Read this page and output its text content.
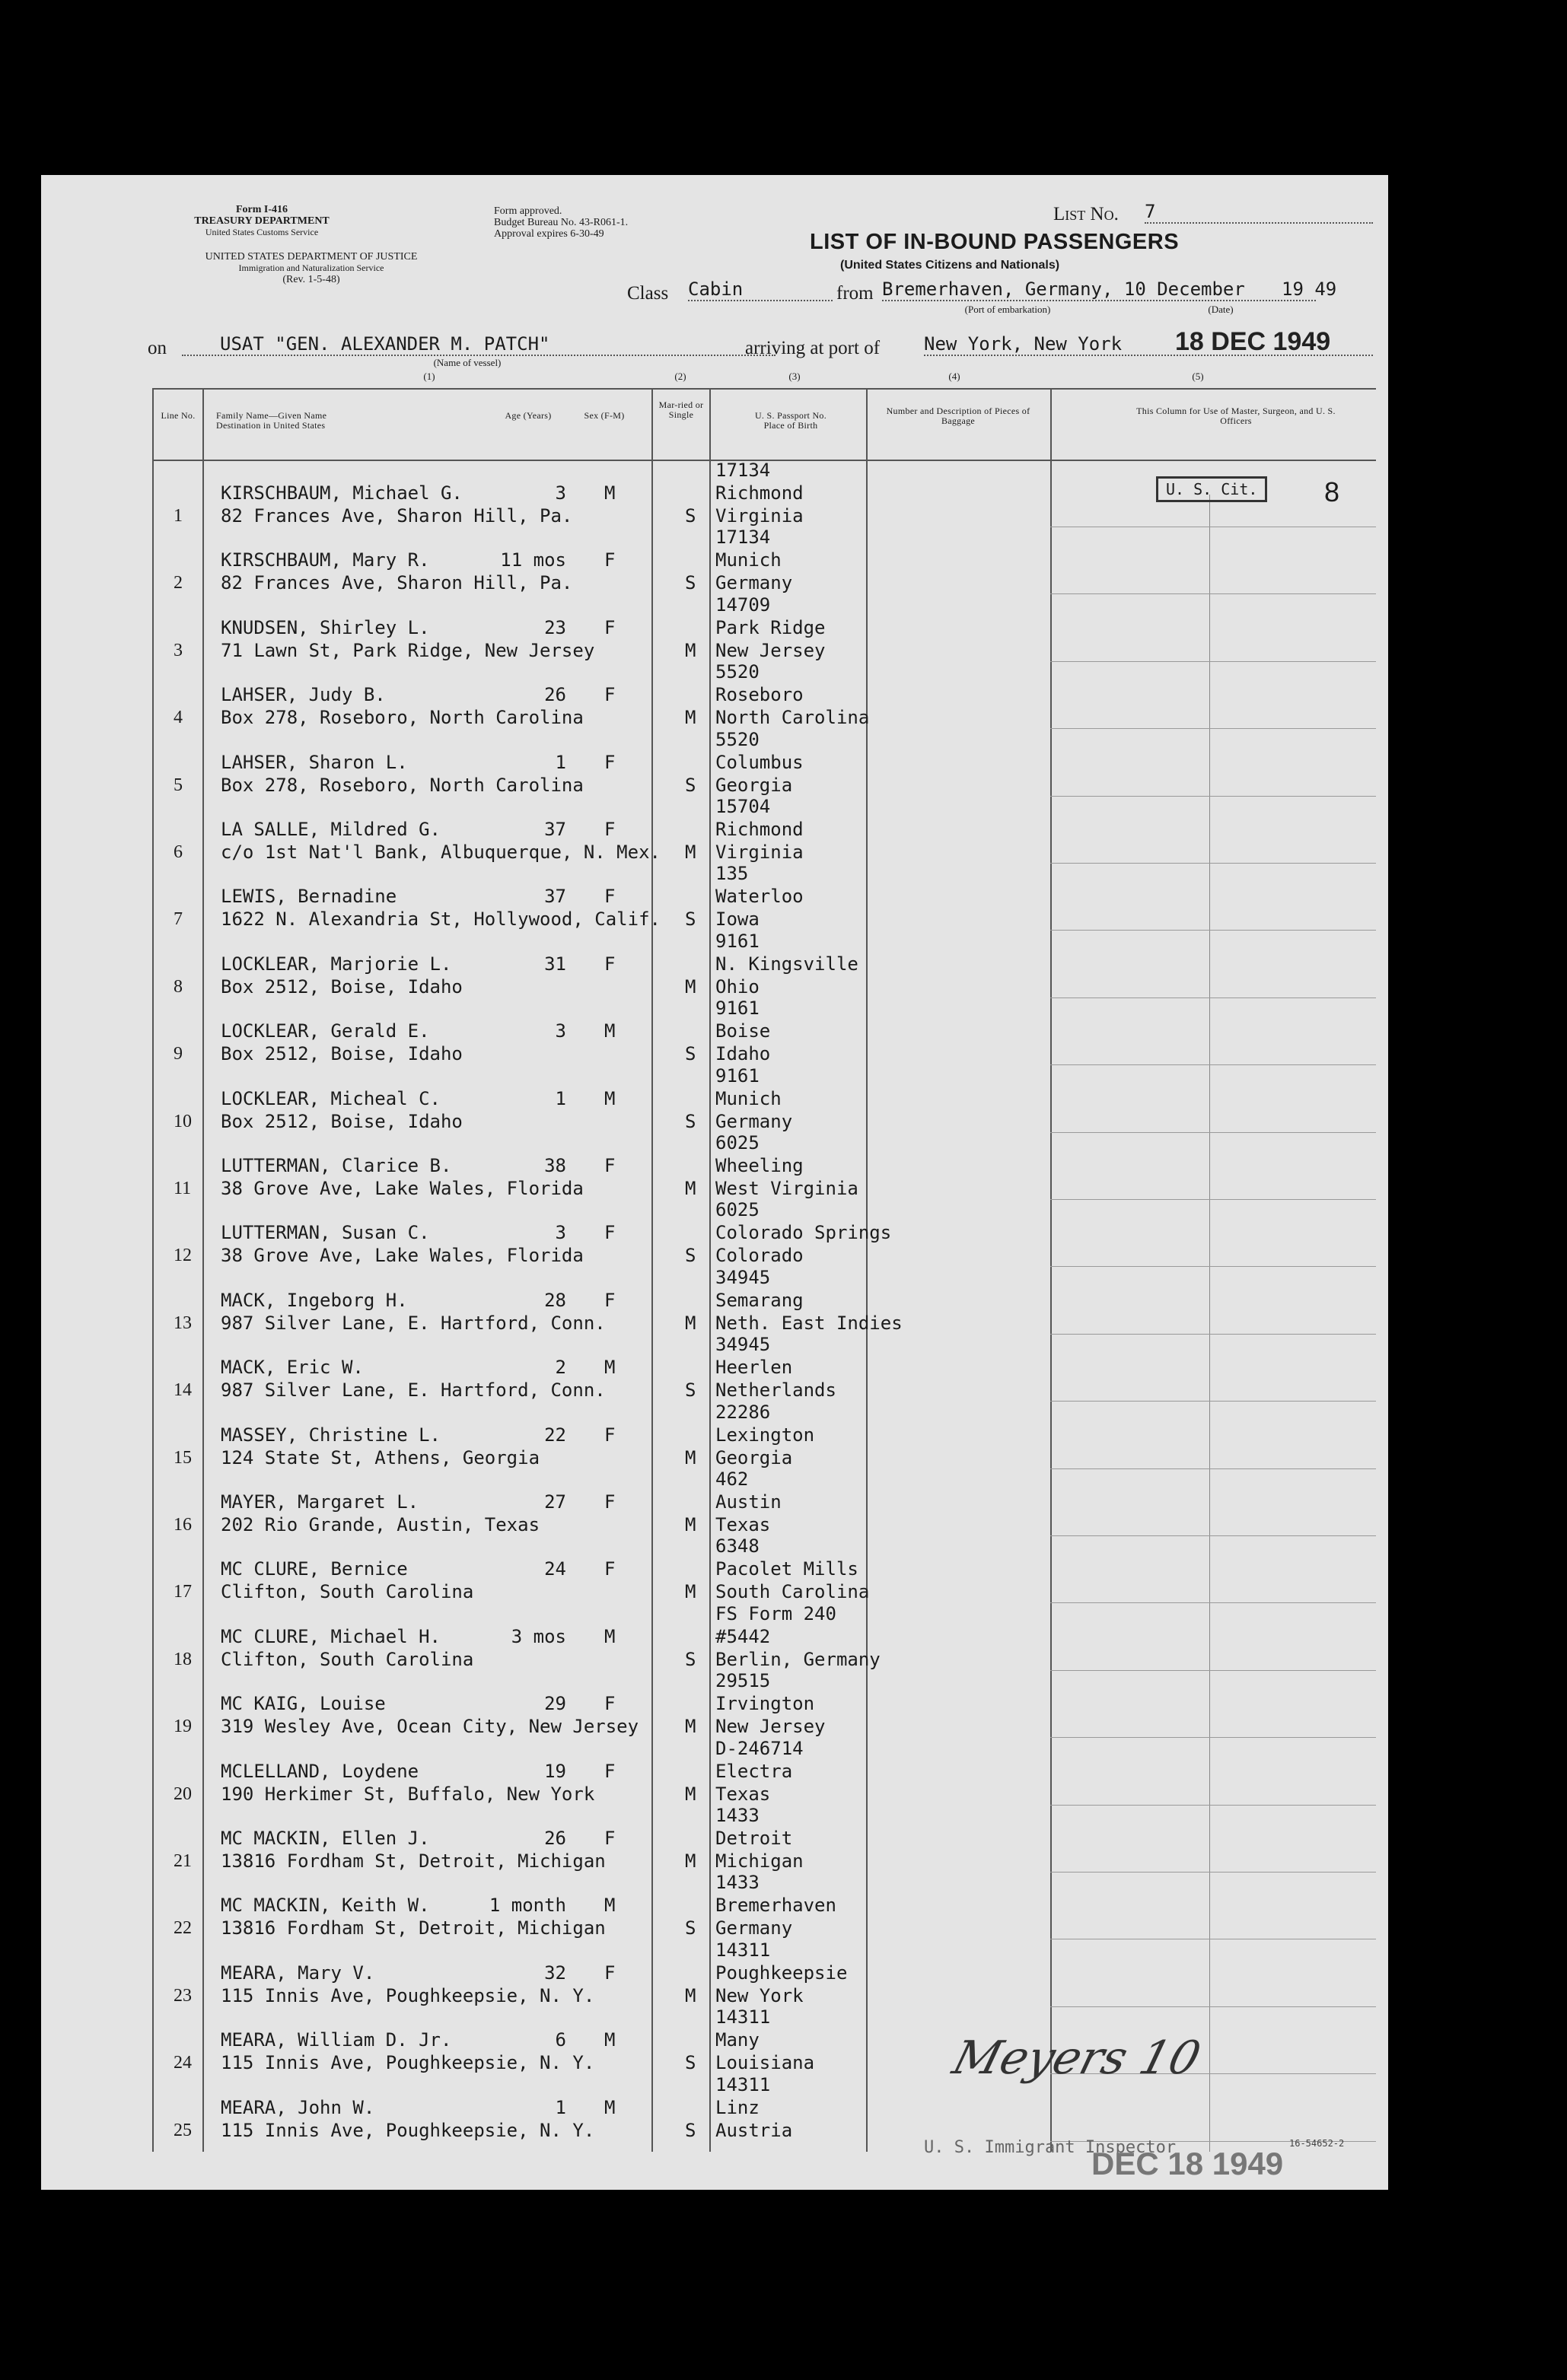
Form I-416
TREASURY DEPARTMENT
United States Customs Service
UNITED STATES DEPARTMENT OF JUSTICE
Immigration and Naturalization Service
(Rev. 1-5-48)
Form approved.
Budget Bureau No. 43-R061-1.
Approval expires 6-30-49
List No. 7
LIST OF IN-BOUND PASSENGERS
(United States Citizens and Nationals)
Class Cabin	from Bremerhaven, Germany, 10 December	19 49
(Port of embarkation)	(Date)
on	USAT "GEN. ALEXANDER M. PATCH"
(Name of vessel)
arriving at port of New York, New York	18 DEC 1949
(1)	(2)	(3)	(4)	(5)
Line No.	Family Name—Given Name
Destination in United States
Age (Years)	Sex (F-M)
Mar-ried or Single	U. S. Passport No.
Place of Birth
Number and Description of Pieces of Baggage
This Column for Use of Master, Surgeon, and U. S. Officers
U. S. Cit.	8
1
KIRSCHBAUM, Michael G.	3 M
82 Frances Ave, Sharon Hill, Pa.	S
17134
Richmond
Virginia
2
KIRSCHBAUM, Mary R.	11 mos F
82 Frances Ave, Sharon Hill, Pa.	S
17134
Munich
Germany
3
KNUDSEN, Shirley L.	23 F
71 Lawn St, Park Ridge, New Jersey	M
14709
Park Ridge
New Jersey
4
LAHSER, Judy B.	26 F
Box 278, Roseboro, North Carolina	M
5520
Roseboro
North Carolina
5
LAHSER, Sharon L.	1 F
Box 278, Roseboro, North Carolina	S
5520
Columbus
Georgia
6
LA SALLE, Mildred G.	37 F
c/o 1st Nat'l Bank, Albuquerque, N. Mex. M
15704
Richmond
Virginia
7
LEWIS, Bernadine	37 F
1622 N. Alexandria St, Hollywood, Calif. S
135
Waterloo
Iowa
8
LOCKLEAR, Marjorie L.	31 F
Box 2512, Boise, Idaho	M
9161
N. Kingsville
Ohio
9
LOCKLEAR, Gerald E.	3 M
Box 2512, Boise, Idaho	S
9161
Boise
Idaho
10
LOCKLEAR, Micheal C.	1 M
Box 2512, Boise, Idaho	S
9161
Munich
Germany
11
LUTTERMAN, Clarice B.	38 F
38 Grove Ave, Lake Wales, Florida	M
6025
Wheeling
West Virginia
12
LUTTERMAN, Susan C.	3 F
38 Grove Ave, Lake Wales, Florida	S
6025
Colorado Springs
Colorado
13
MACK, Ingeborg H.	28 F
987 Silver Lane, E. Hartford, Conn.	M
34945
Semarang
Neth. East Indies
14
MACK, Eric W.	2 M
987 Silver Lane, E. Hartford, Conn.	S
34945
Heerlen
Netherlands
15
MASSEY, Christine L.	22 F
124 State St, Athens, Georgia	M
22286
Lexington
Georgia
16
MAYER, Margaret L.	27 F
202 Rio Grande, Austin, Texas	M
462
Austin
Texas
17
MC CLURE, Bernice	24 F
Clifton, South Carolina	M
6348
Pacolet Mills
South Carolina
18
MC CLURE, Michael H.	3 mos M
Clifton, South Carolina	S
FS Form 240
#5442
Berlin, Germany
19
MC KAIG, Louise	29 F
319 Wesley Ave, Ocean City, New Jersey	M
29515
Irvington
New Jersey
20
MCLELLAND, Loydene	19 F
190 Herkimer St, Buffalo, New York	M
D-246714
Electra
Texas
21
MC MACKIN, Ellen J.	26 F
13816 Fordham St, Detroit, Michigan	M
1433
Detroit
Michigan
22
MC MACKIN, Keith W.	1 month M
13816 Fordham St, Detroit, Michigan	S
1433
Bremerhaven
Germany
23
MEARA, Mary V.	32 F
115 Innis Ave, Poughkeepsie, N. Y.	M
14311
Poughkeepsie
New York
24
MEARA, William D. Jr.	6 M
115 Innis Ave, Poughkeepsie, N. Y.	S
14311
Many
Louisiana
25
MEARA, John W.	1 M
115 Innis Ave, Poughkeepsie, N. Y.	S
14311
Linz
Austria
Meyers 10
U. S. Immigrant Inspector
DEC 18 1949
16-54652-2
